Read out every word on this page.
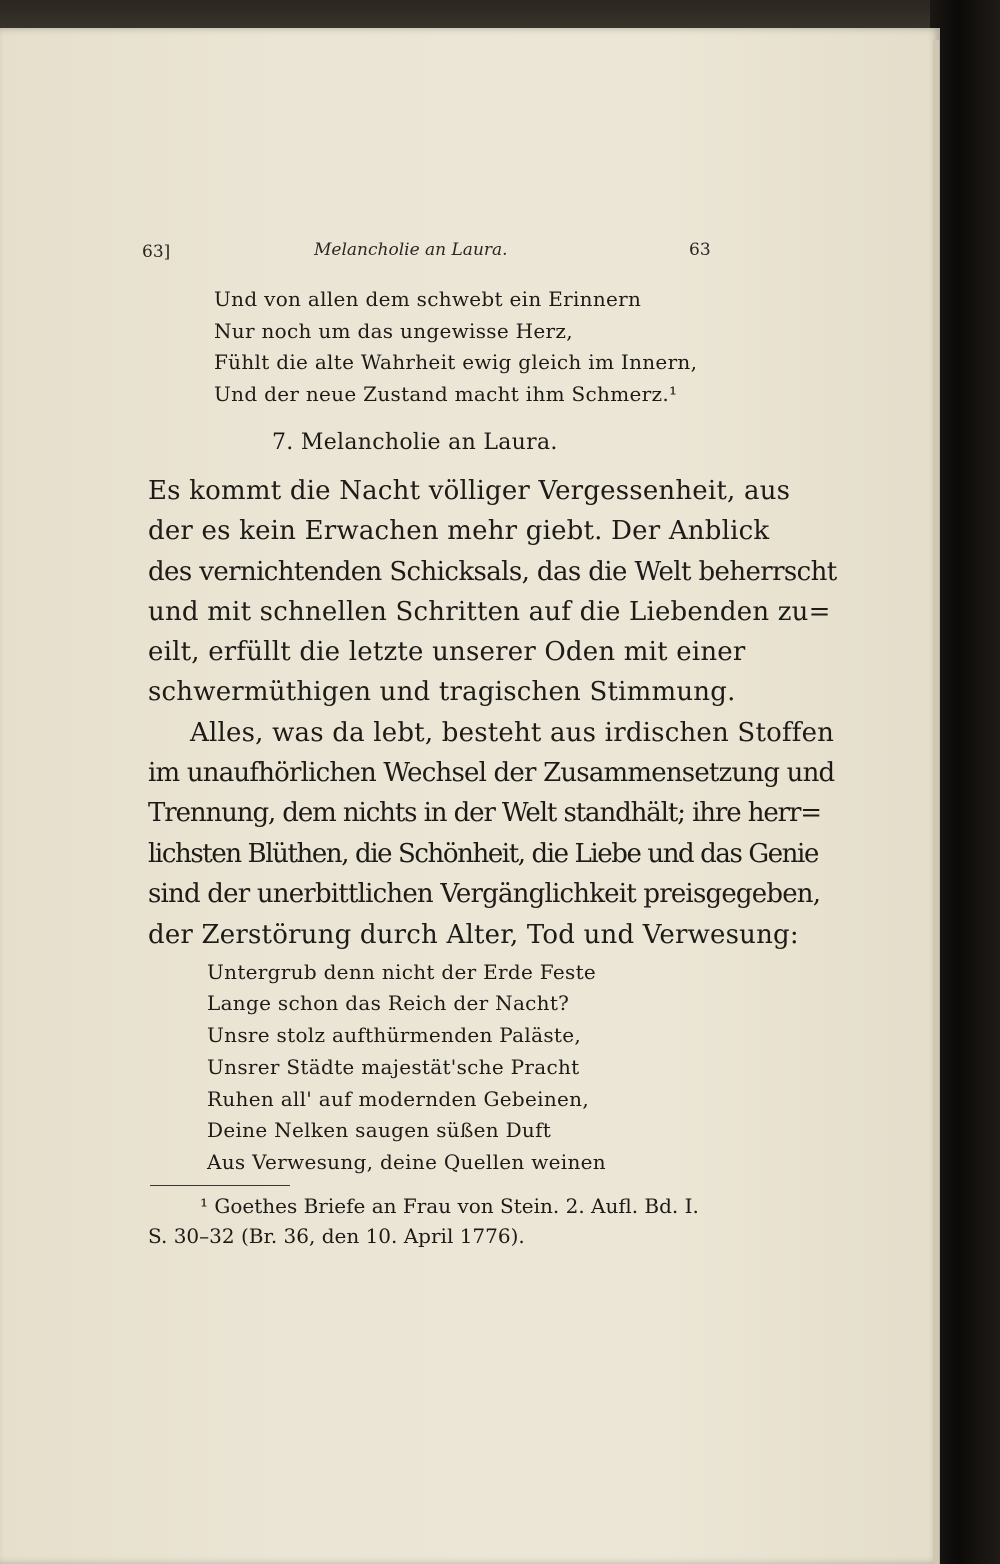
63]	Melancholie an Laura.	63
Und von allen dem schwebt ein Erinnern
Nur noch um das ungewisse Herz,
Fühlt die alte Wahrheit ewig gleich im Innern,
Und der neue Zustand macht ihm Schmerz.¹
7. Melancholie an Laura.
Es kommt die Nacht völliger Vergessenheit, aus
der es kein Erwachen mehr giebt. Der Anblick
des vernichtenden Schicksals, das die Welt beherrscht
und mit schnellen Schritten auf die Liebenden zu=
eilt, erfüllt die letzte unserer Oden mit einer
schwermüthigen und tragischen Stimmung.
Alles, was da lebt, besteht aus irdischen Stoffen
im unaufhörlichen Wechsel der Zusammensetzung und
Trennung, dem nichts in der Welt standhält; ihre herr=
lichsten Blüthen, die Schönheit, die Liebe und das Genie
sind der unerbittlichen Vergänglichkeit preisgegeben,
der Zerstörung durch Alter, Tod und Verwesung:
Untergrub denn nicht der Erde Feste
Lange schon das Reich der Nacht?
Unsre stolz aufthürmenden Paläste,
Unsrer Städte majestät'sche Pracht
Ruhen all' auf modernden Gebeinen,
Deine Nelken saugen süßen Duft
Aus Verwesung, deine Quellen weinen
¹ Goethes Briefe an Frau von Stein. 2. Aufl. Bd. I.
S. 30–32 (Br. 36, den 10. April 1776).
